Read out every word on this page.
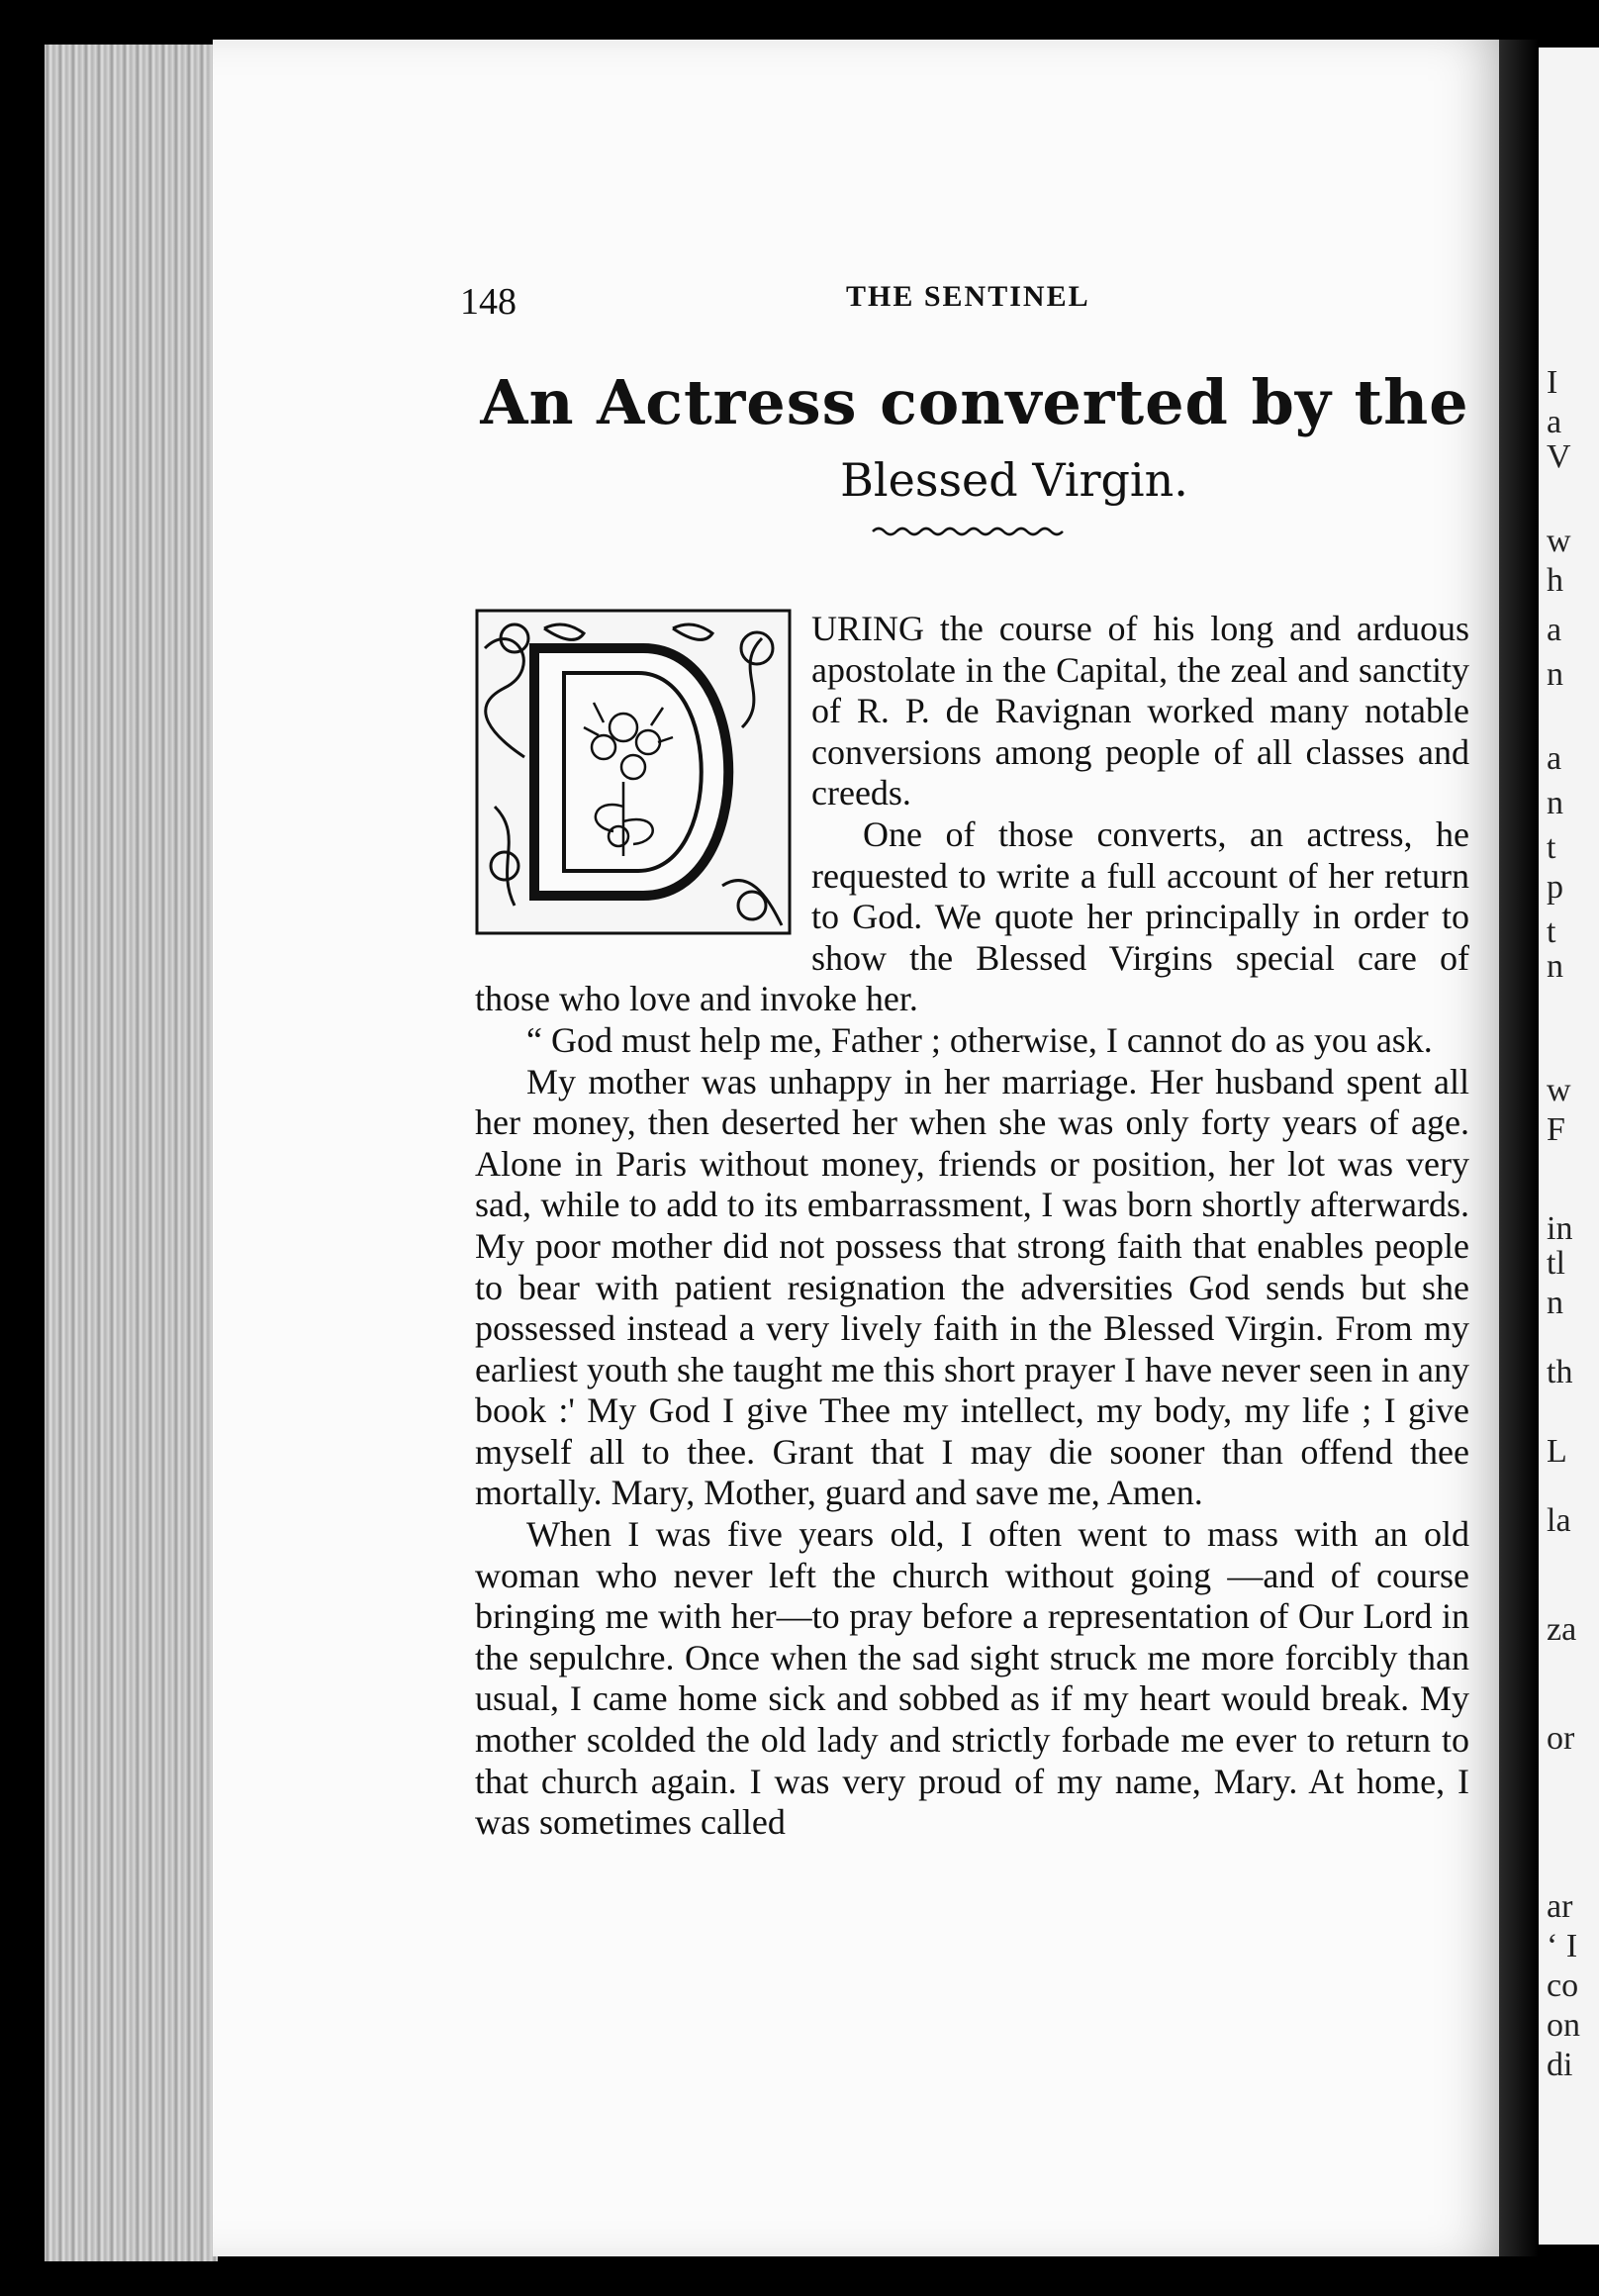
148	THE SENTINEL
An Actress converted by the
Blessed Virgin.

URING the course of his long and arduous apostolate in the Capital, the zeal and sanctity of R. P. de Ravignan worked many notable conversions among people of all classes and creeds.

One of those converts, an actress, he requested to write a full account of her return to God. We quote her principally in order to show the Blessed Virgins special care of those who love and invoke her.

“ God must help me, Father ; otherwise, I cannot do as you ask.

My mother was unhappy in her marriage. Her husband spent all her money, then deserted her when she was only forty years of age. Alone in Paris without money, friends or position, her lot was very sad, while to add to its embarrassment, I was born shortly afterwards. My poor mother did not possess that strong faith that enables people to bear with patient resignation the adversities God sends but she possessed instead a very lively faith in the Blessed Virgin. From my earliest youth she taught me this short prayer I have never seen in any book :' My God I give Thee my intellect, my body, my life ; I give myself all to thee. Grant that I may die sooner than offend thee mortally. Mary, Mother, guard and save me, Amen.

When I was five years old, I often went to mass with an old woman who never left the church without going —and of course bringing me with her—to pray before a representation of Our Lord in the sepulchre. Once when the sad sight struck me more forcibly than usual, I came home sick and sobbed as if my heart would break. My mother scolded the old lady and strictly forbade me ever to return to that church again. I was very proud of my name, Mary. At home, I was sometimes called

I
a
V
w
h
a
n
a
n
t
p
t
n
w
F
in
tl
n
th
L
la
za
or
ar
‘ I
co
on
di
